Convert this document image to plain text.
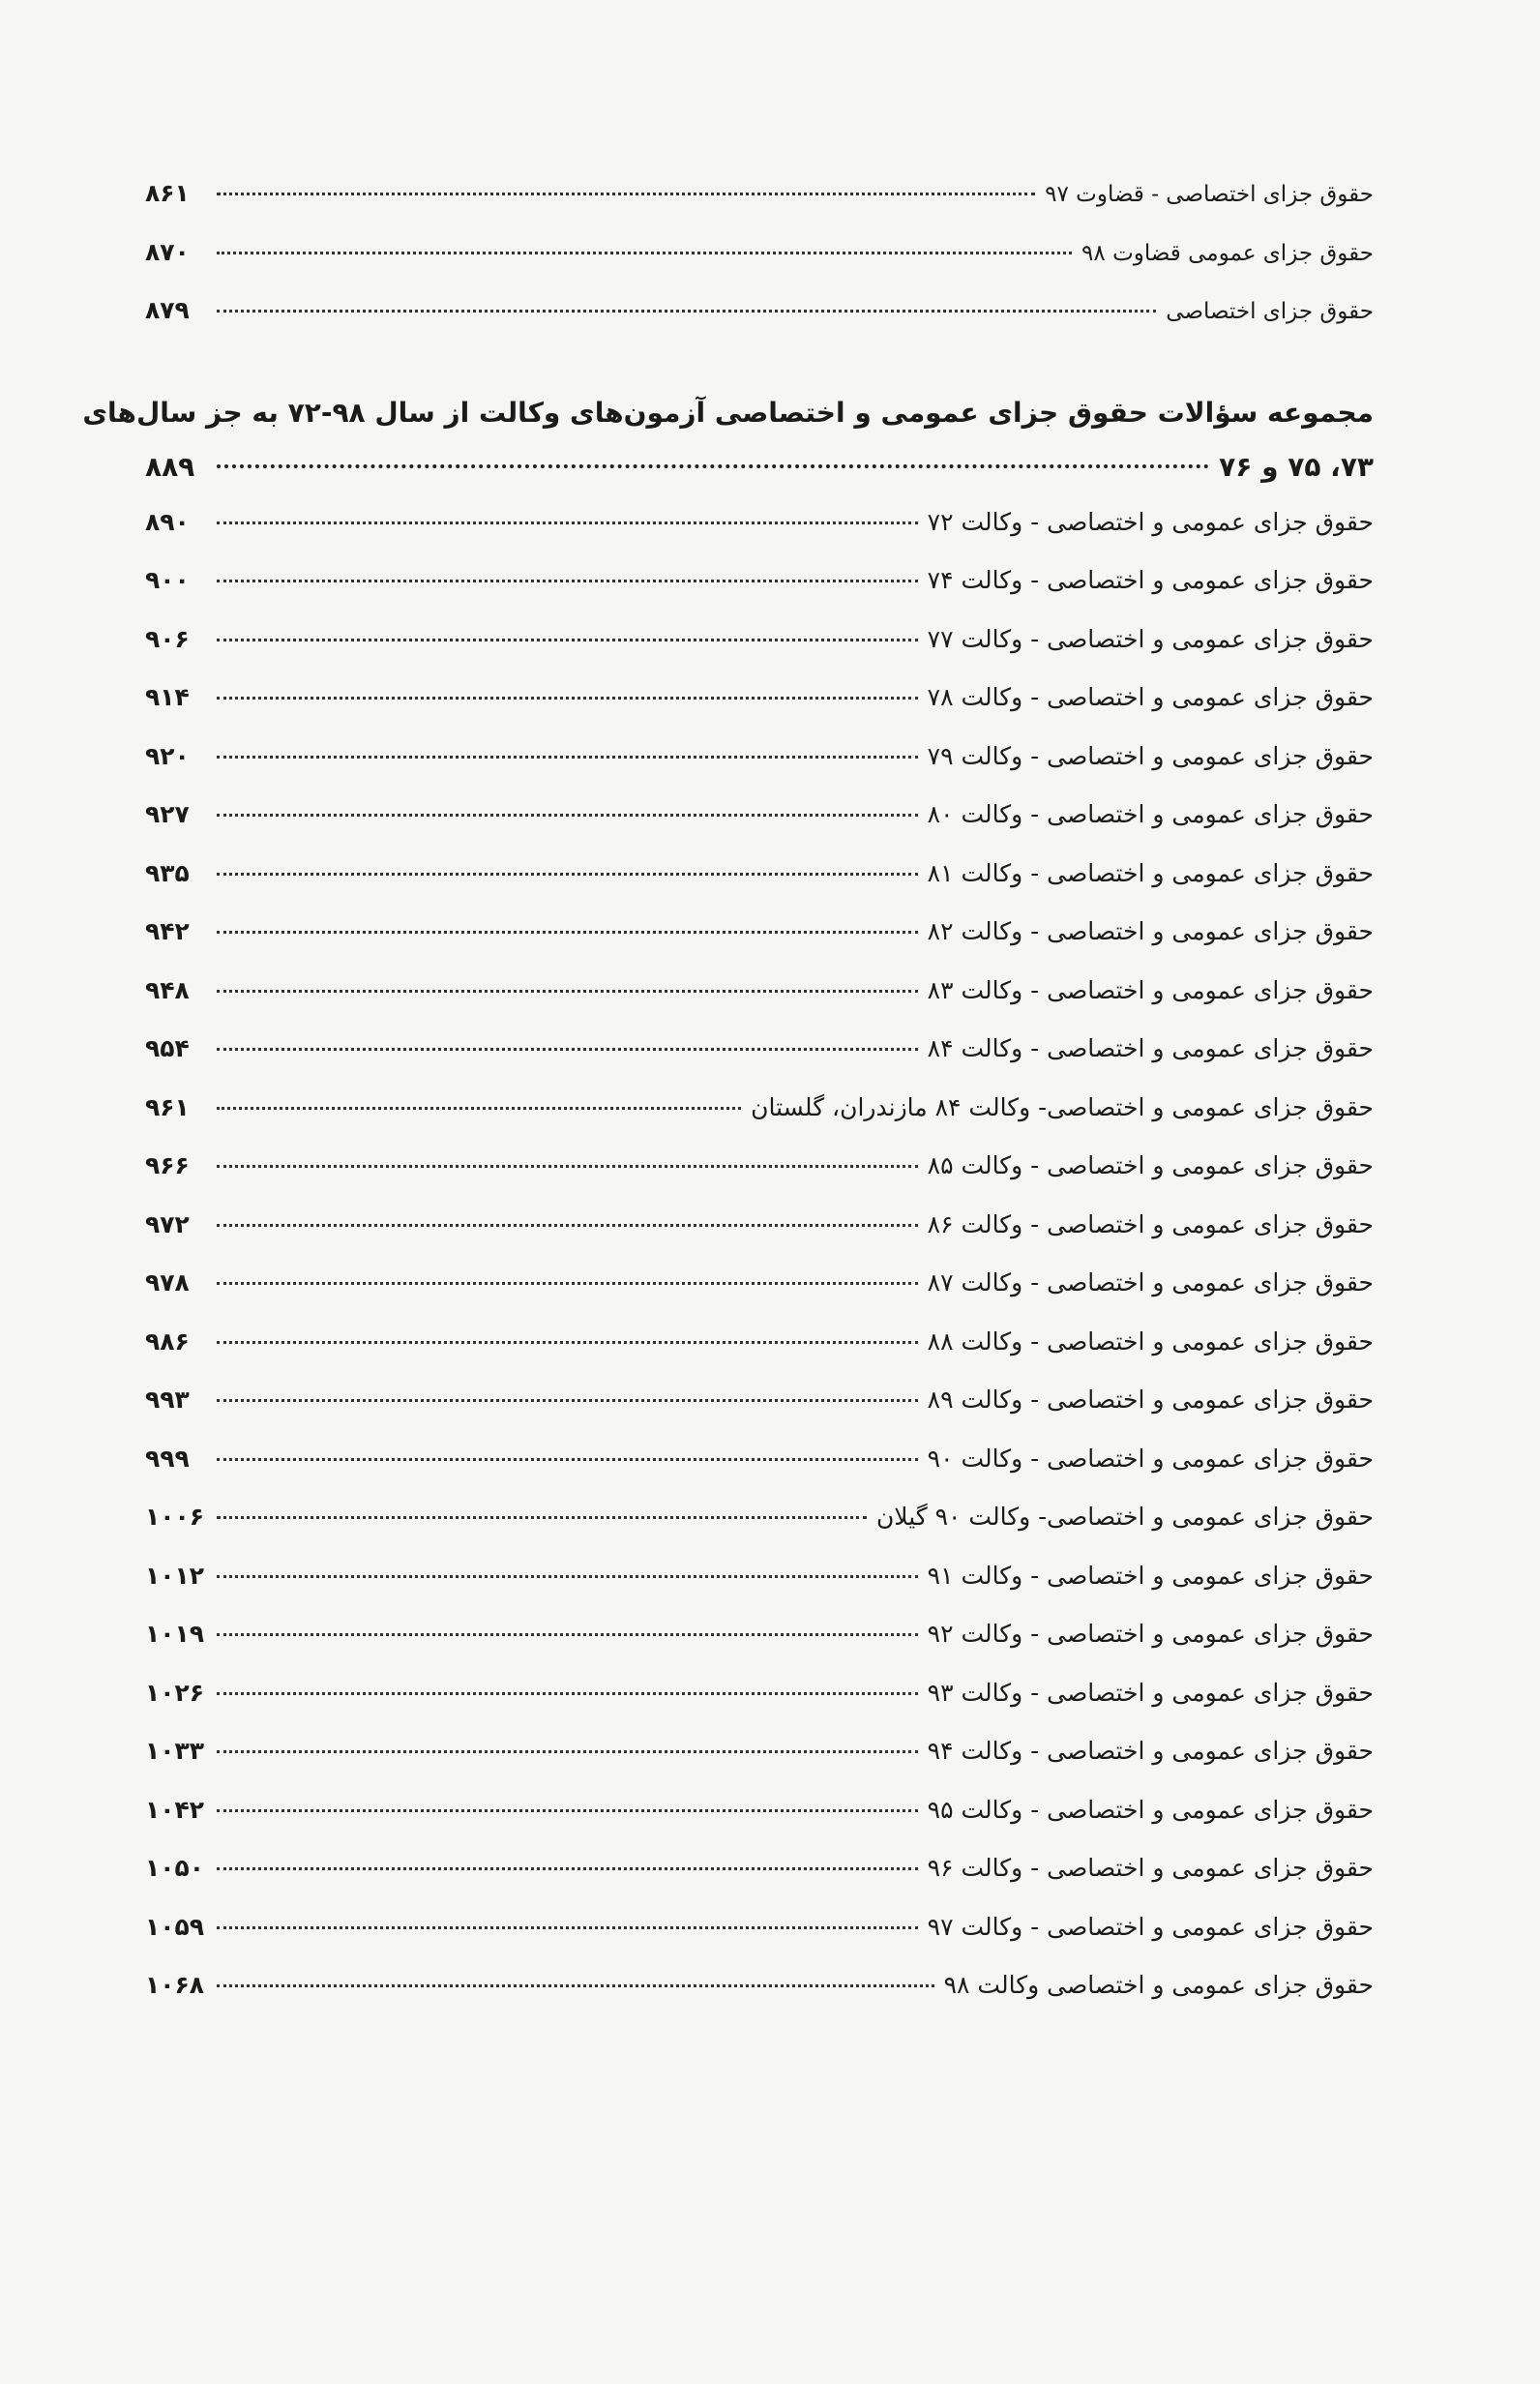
حقوق جزای اختصاصی - قضاوت ۹۷
۸۶۱
حقوق جزای عمومی قضاوت ۹۸
۸۷۰
حقوق جزای اختصاصی
۸۷۹
مجموعه سؤالات حقوق جزای عمومی و اختصاصی آزمون‌های وکالت از سال ۹۸-۷۲ به جز سال‌های
۷۳، ۷۵ و ۷۶
۸۸۹
حقوق جزای عمومی و اختصاصی - وکالت ۷۲
۸۹۰
حقوق جزای عمومی و اختصاصی - وکالت ۷۴
۹۰۰
حقوق جزای عمومی و اختصاصی - وکالت ۷۷
۹۰۶
حقوق جزای عمومی و اختصاصی - وکالت ۷۸
۹۱۴
حقوق جزای عمومی و اختصاصی - وکالت ۷۹
۹۲۰
حقوق جزای عمومی و اختصاصی - وکالت ۸۰
۹۲۷
حقوق جزای عمومی و اختصاصی - وکالت ۸۱
۹۳۵
حقوق جزای عمومی و اختصاصی - وکالت ۸۲
۹۴۲
حقوق جزای عمومی و اختصاصی - وکالت ۸۳
۹۴۸
حقوق جزای عمومی و اختصاصی - وکالت ۸۴
۹۵۴
حقوق جزای عمومی و اختصاصی- وکالت ۸۴ مازندران، گلستان
۹۶۱
حقوق جزای عمومی و اختصاصی - وکالت ۸۵
۹۶۶
حقوق جزای عمومی و اختصاصی - وکالت ۸۶
۹۷۲
حقوق جزای عمومی و اختصاصی - وکالت ۸۷
۹۷۸
حقوق جزای عمومی و اختصاصی - وکالت ۸۸
۹۸۶
حقوق جزای عمومی و اختصاصی - وکالت ۸۹
۹۹۳
حقوق جزای عمومی و اختصاصی - وکالت ۹۰
۹۹۹
حقوق جزای عمومی و اختصاصی- وکالت ۹۰ گیلان
۱۰۰۶
حقوق جزای عمومی و اختصاصی - وکالت ۹۱
۱۰۱۲
حقوق جزای عمومی و اختصاصی - وکالت ۹۲
۱۰۱۹
حقوق جزای عمومی و اختصاصی - وکالت ۹۳
۱۰۲۶
حقوق جزای عمومی و اختصاصی - وکالت ۹۴
۱۰۳۳
حقوق جزای عمومی و اختصاصی - وکالت ۹۵
۱۰۴۲
حقوق جزای عمومی و اختصاصی - وکالت ۹۶
۱۰۵۰
حقوق جزای عمومی و اختصاصی - وکالت ۹۷
۱۰۵۹
حقوق جزای عمومی و اختصاصی وکالت ۹۸
۱۰۶۸
